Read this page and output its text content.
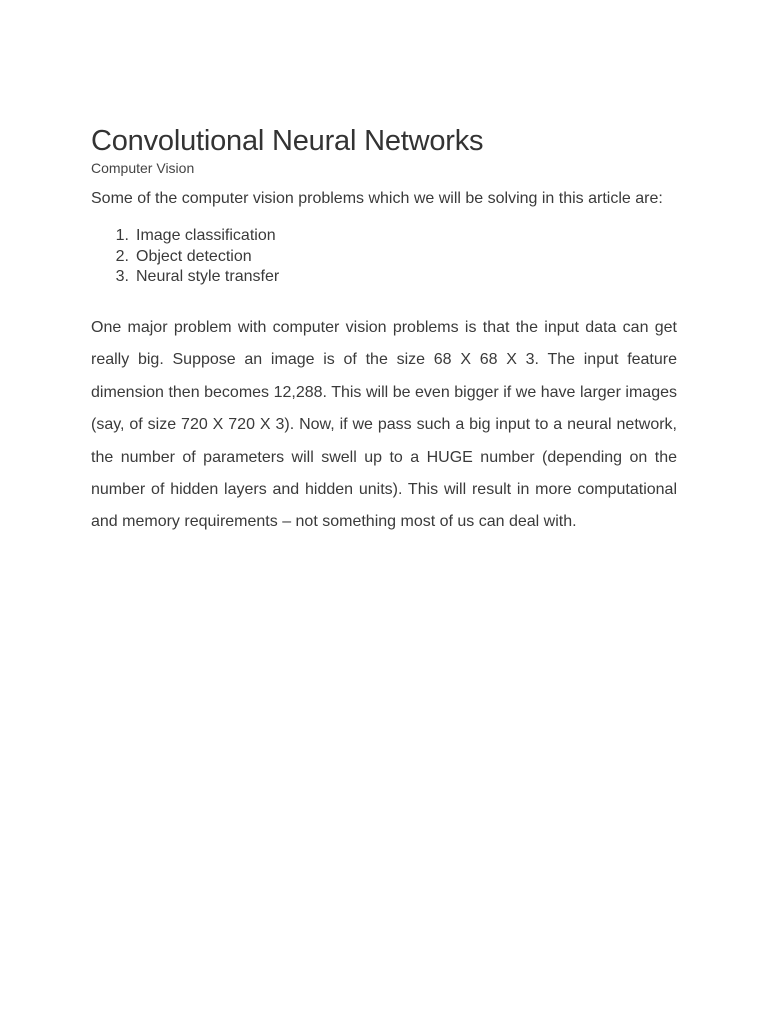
Convolutional Neural Networks

Computer Vision

Some of the computer vision problems which we will be solving in this article are:

1. Image classification
2. Object detection
3. Neural style transfer

One major problem with computer vision problems is that the input data can get really big. Suppose an image is of the size 68 X 68 X 3. The input feature dimension then becomes 12,288. This will be even bigger if we have larger images (say, of size 720 X 720 X 3). Now, if we pass such a big input to a neural network, the number of parameters will swell up to a HUGE number (depending on the number of hidden layers and hidden units). This will result in more computational and memory requirements – not something most of us can deal with.
